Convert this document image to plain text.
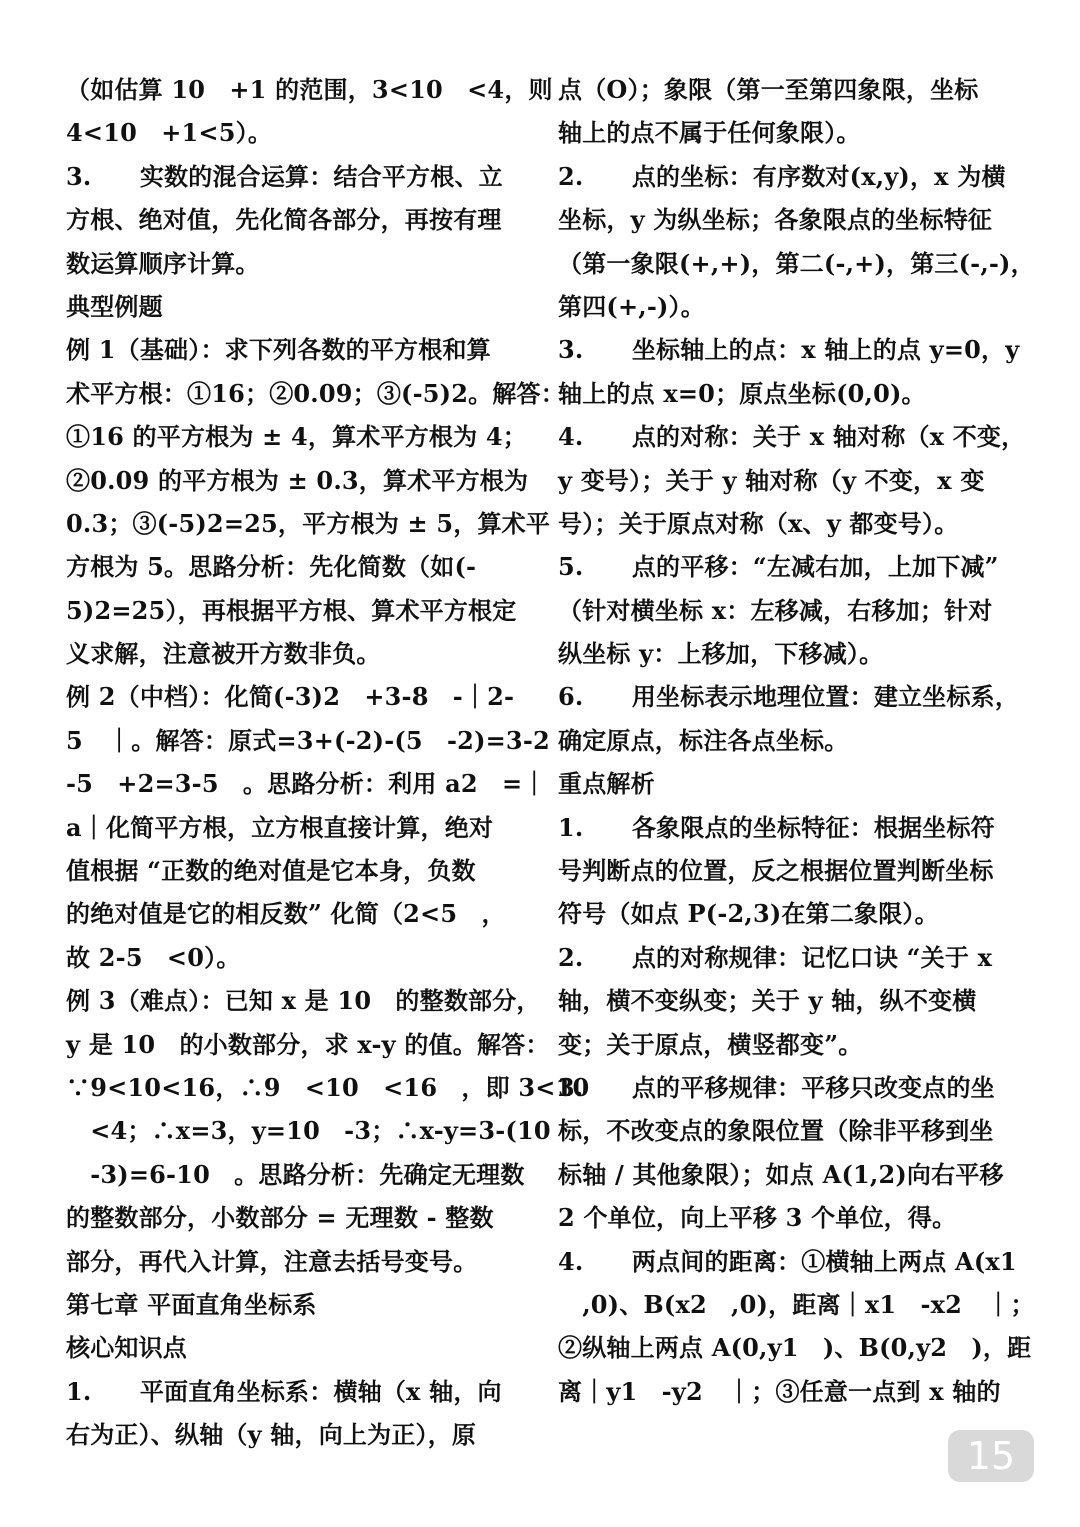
（如估算 10　+1 的范围，3<10　<4，则
4<10　+1<5）。
3.　　实数的混合运算：结合平方根、立
方根、绝对值，先化简各部分，再按有理
数运算顺序计算。
典型例题
例 1（基础）：求下列各数的平方根和算
术平方根：①16；②0.09；③(-5)2。解答：
①16 的平方根为 ± 4，算术平方根为 4；
②0.09 的平方根为 ± 0.3，算术平方根为
0.3；③(-5)2=25，平方根为 ± 5，算术平
方根为 5。思路分析：先化简数（如(-
5)2=25），再根据平方根、算术平方根定
义求解，注意被开方数非负。
例 2（中档）：化简(-3)2　+3-8　-｜2-
5　｜。解答：原式=3+(-2)-(5　-2)=3-2
-5　+2=3-5　。思路分析：利用 a2　=｜
a｜化简平方根，立方根直接计算，绝对
值根据 “正数的绝对值是它本身，负数
的绝对值是它的相反数” 化简（2<5　，
故 2-5　<0）。
例 3（难点）：已知 x 是 10　的整数部分，
y 是 10　的小数部分，求 x-y 的值。解答：
∵9<10<16，∴9　<10　<16　，即 3<10
　<4；∴x=3，y=10　-3；∴x-y=3-(10
　-3)=6-10　。思路分析：先确定无理数
的整数部分，小数部分 = 无理数 - 整数
部分，再代入计算，注意去括号变号。
第七章 平面直角坐标系
核心知识点
1.　　平面直角坐标系：横轴（x 轴，向
右为正）、纵轴（y 轴，向上为正），原
点（O）；象限（第一至第四象限，坐标
轴上的点不属于任何象限）。
2.　　点的坐标：有序数对(x,y)，x 为横
坐标，y 为纵坐标；各象限点的坐标特征
（第一象限(+,+)，第二(-,+)，第三(-,-)，
第四(+,-)）。
3.　　坐标轴上的点：x 轴上的点 y=0，y
轴上的点 x=0；原点坐标(0,0)。
4.　　点的对称：关于 x 轴对称（x 不变，
y 变号）；关于 y 轴对称（y 不变，x 变
号）；关于原点对称（x、y 都变号）。
5.　　点的平移：“左减右加，上加下减”
（针对横坐标 x：左移减，右移加；针对
纵坐标 y：上移加，下移减）。
6.　　用坐标表示地理位置：建立坐标系，
确定原点，标注各点坐标。
重点解析
1.　　各象限点的坐标特征：根据坐标符
号判断点的位置，反之根据位置判断坐标
符号（如点 P(-2,3)在第二象限）。
2.　　点的对称规律：记忆口诀 “关于 x
轴，横不变纵变；关于 y 轴，纵不变横
变；关于原点，横竖都变”。
3.　　点的平移规律：平移只改变点的坐
标，不改变点的象限位置（除非平移到坐
标轴 / 其他象限）；如点 A(1,2)向右平移
2 个单位，向上平移 3 个单位，得。
4.　　两点间的距离：①横轴上两点 A(x1
　,0)、B(x2　,0)，距离｜x1　-x2　｜；
②纵轴上两点 A(0,y1　)、B(0,y2　)，距
离｜y1　-y2　｜；③任意一点到 x 轴的
15
